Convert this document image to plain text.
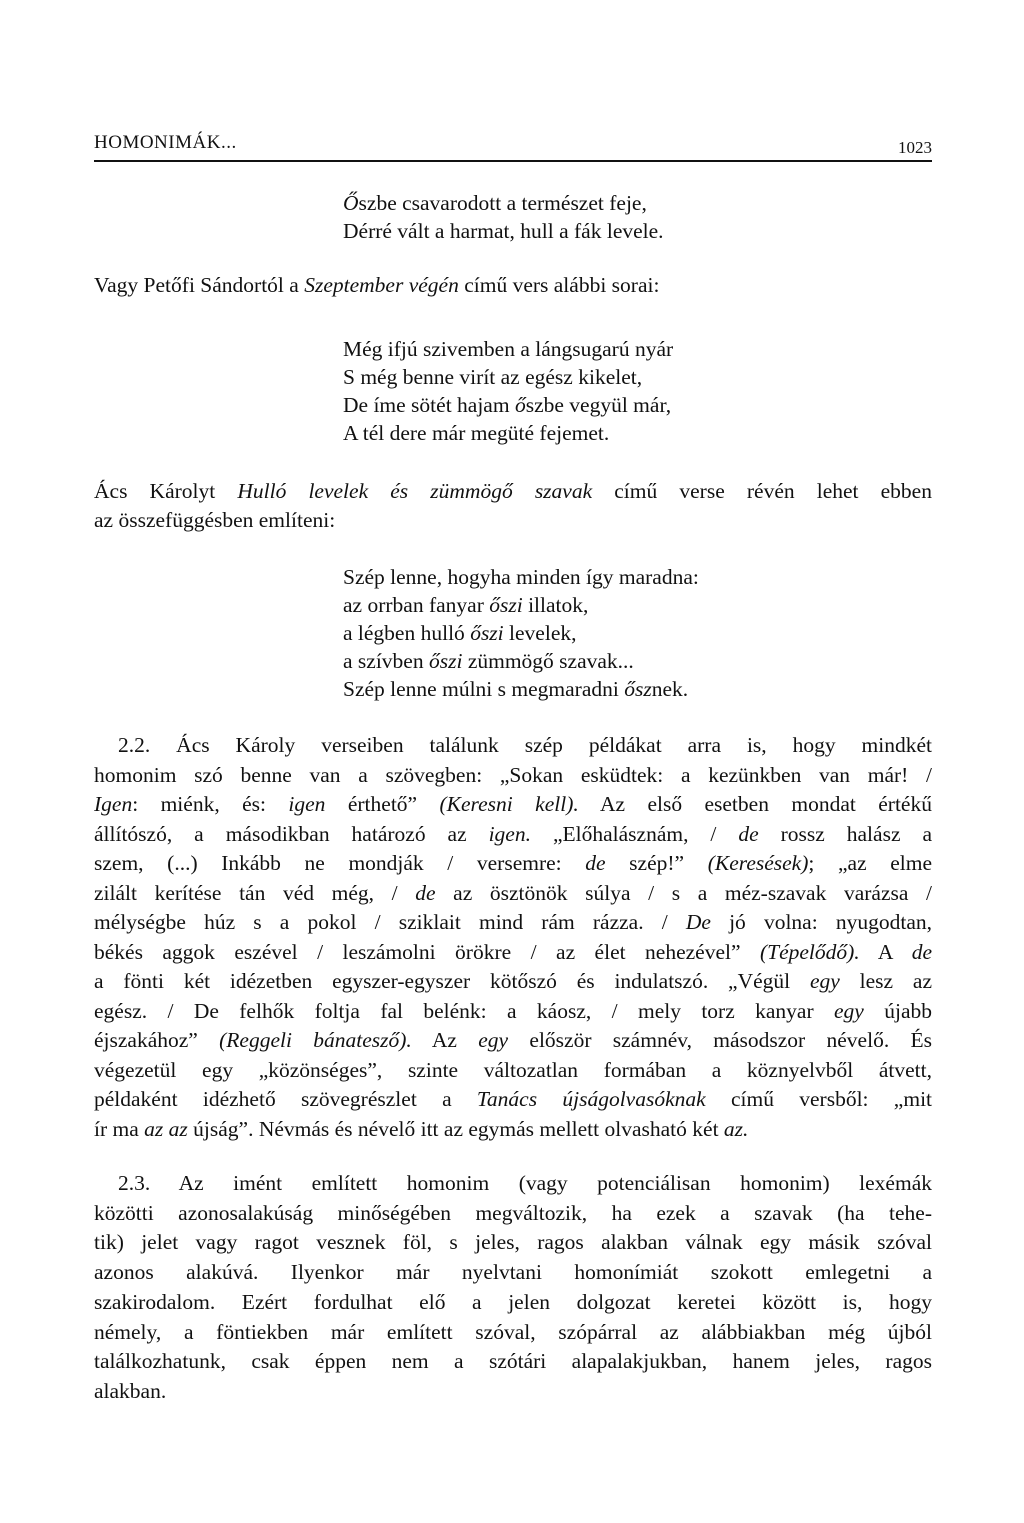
HOMONIMÁK...	1023
Őszbe csavarodott a természet feje,
Dérré vált a harmat, hull a fák levele.
Vagy Petőfi Sándortól a Szeptember végén című vers alábbi sorai:
Még ifjú szivemben a lángsugarú nyár
S még benne virít az egész kikelet,
De íme sötét hajam őszbe vegyül már,
A tél dere már megüté fejemet.
Ács Károlyt Hulló levelek és zümmögő szavak című verse révén lehet ebben
az összefüggésben említeni:
Szép lenne, hogyha minden így maradna:
az orrban fanyar őszi illatok,
a légben hulló őszi levelek,
a szívben őszi zümmögő szavak...
Szép lenne múlni s megmaradni ősznek.
2.2. Ács Károly verseiben találunk szép példákat arra is, hogy mindkét
homonim szó benne van a szövegben: „Sokan esküdtek: a kezünkben van már! /
Igen: miénk, és: igen érthető” (Keresni kell). Az első esetben mondat értékű
állítószó, a másodikban határozó az igen. „Előhalásznám, / de rossz halász a
szem, (...) Inkább ne mondják / versemre: de szép!” (Keresések); „az elme
zilált kerítése tán véd még, / de az ösztönök súlya / s a méz-szavak varázsa /
mélységbe húz s a pokol / sziklait mind rám rázza. / De jó volna: nyugodtan,
békés aggok eszével / leszámolni örökre / az élet nehezével” (Tépelődő). A de
a fönti két idézetben egyszer-egyszer kötőszó és indulatszó. „Végül egy lesz az
egész. / De felhők foltja fal belénk: a káosz, / mely torz kanyar egy újabb
éjszakához” (Reggeli bánatesző). Az egy először számnév, másodszor névelő. És
végezetül egy „közönséges”, szinte változatlan formában a köznyelvből átvett,
példaként idézhető szövegrészlet a Tanács újságolvasóknak című versből: „mit
ír ma az az újság”. Névmás és névelő itt az egymás mellett olvasható két az.
2.3. Az imént említett homonim (vagy potenciálisan homonim) lexémák
közötti azonosalakúság minőségében megváltozik, ha ezek a szavak (ha tehe-
tik) jelet vagy ragot vesznek föl, s jeles, ragos alakban válnak egy másik szóval
azonos alakúvá. Ilyenkor már nyelvtani homonímiát szokott emlegetni a
szakirodalom. Ezért fordulhat elő a jelen dolgozat keretei között is, hogy
némely, a föntiekben már említett szóval, szópárral az alábbiakban még újból
találkozhatunk, csak éppen nem a szótári alapalakjukban, hanem jeles, ragos
alakban.
